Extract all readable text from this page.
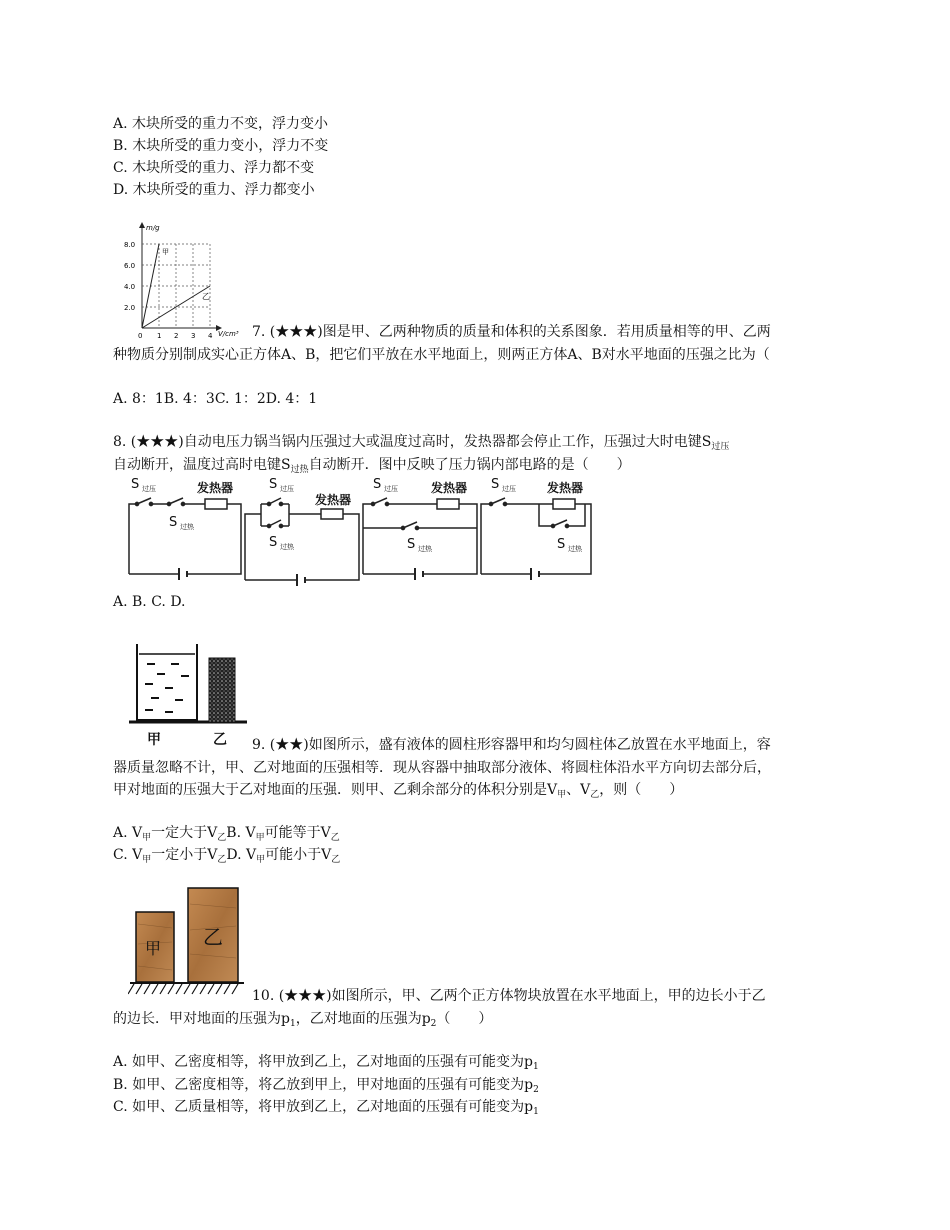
A. 木块所受的重力不变，浮力变小
B. 木块所受的重力变小，浮力不变
C. 木块所受的重力、浮力都不变
D. 木块所受的重力、浮力都变小
m/g
V/cm³
8.0
6.0
4.0
2.0
0 1 2 3 4
甲
乙
7. (★★★)图是甲、乙两种物质的质量和体积的关系图象．若用质量相等的甲、乙两
种物质分别制成实心正方体A、B，把它们平放在水平地面上，则两正方体A、B对水平地面的压强之比为（
A. 8：1B. 4：3C. 1：2D. 4：1
8. (★★★)自动电压力锅当锅内压强过大或温度过高时，发热器都会停止工作，压强过大时电键$S_{过压}$
自动断开，温度过高时电键$S_{过热}$自动断开．图中反映了压力锅内部电路的是（　　）
S 过压
S 过热
发热器	S 过压
S 过热
发热器
S 过压
S 过热
发热器 S 过压
S 过热
发热器
A. B. C. D.
甲	乙 9. (★★)如图所示，盛有液体的圆柱形容器甲和均匀圆柱体乙放置在水平地面上，容
器质量忽略不计，甲、乙对地面的压强相等．现从容器中抽取部分液体、将圆柱体沿水平方向切去部分后，
甲对地面的压强大于乙对地面的压强．则甲、乙剩余部分的体积分别是$V_甲$、$V_乙$，则（　　）
A. $V_甲$一定大于$V_乙B$. $V_甲$可能等于$V_乙$
C. $V_甲$一定小于$V_乙D$. $V_甲$可能小于$V_乙$
甲 乙
10. (★★★)如图所示，甲、乙两个正方体物块放置在水平地面上，甲的边长小于乙
的边长．甲对地面的压强为$p_1$，乙对地面的压强为$p_2$（　　）
A. 如甲、乙密度相等，将甲放到乙上，乙对地面的压强有可能变为$p_1$
B. 如甲、乙密度相等，将乙放到甲上，甲对地面的压强有可能变为$p_2$
C. 如甲、乙质量相等，将甲放到乙上，乙对地面的压强有可能变为$p_1$
